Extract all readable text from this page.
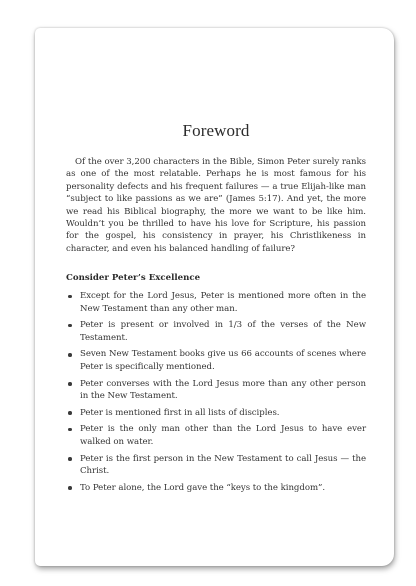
Foreword

Of the over 3,200 characters in the Bible, Simon Peter surely ranks as one of the most relatable. Perhaps he is most famous for his personality defects and his frequent failures — a true Elijah-like man “subject to like passions as we are” (James 5:17). And yet, the more we read his Biblical biography, the more we want to be like him. Wouldn’t you be thrilled to have his love for Scripture, his passion for the gospel, his consistency in prayer, his Christlikeness in character, and even his balanced handling of failure?

Consider Peter’s Excellence
Except for the Lord Jesus, Peter is mentioned more often in the New Testament than any other man.
Peter is present or involved in 1/3 of the verses of the New Testament.
Seven New Testament books give us 66 accounts of scenes where Peter is specifically mentioned.
Peter converses with the Lord Jesus more than any other person in the New Testament.
Peter is mentioned first in all lists of disciples.
Peter is the only man other than the Lord Jesus to have ever walked on water.
Peter is the first person in the New Testament to call Jesus — the Christ.
To Peter alone, the Lord gave the “keys to the kingdom”.
